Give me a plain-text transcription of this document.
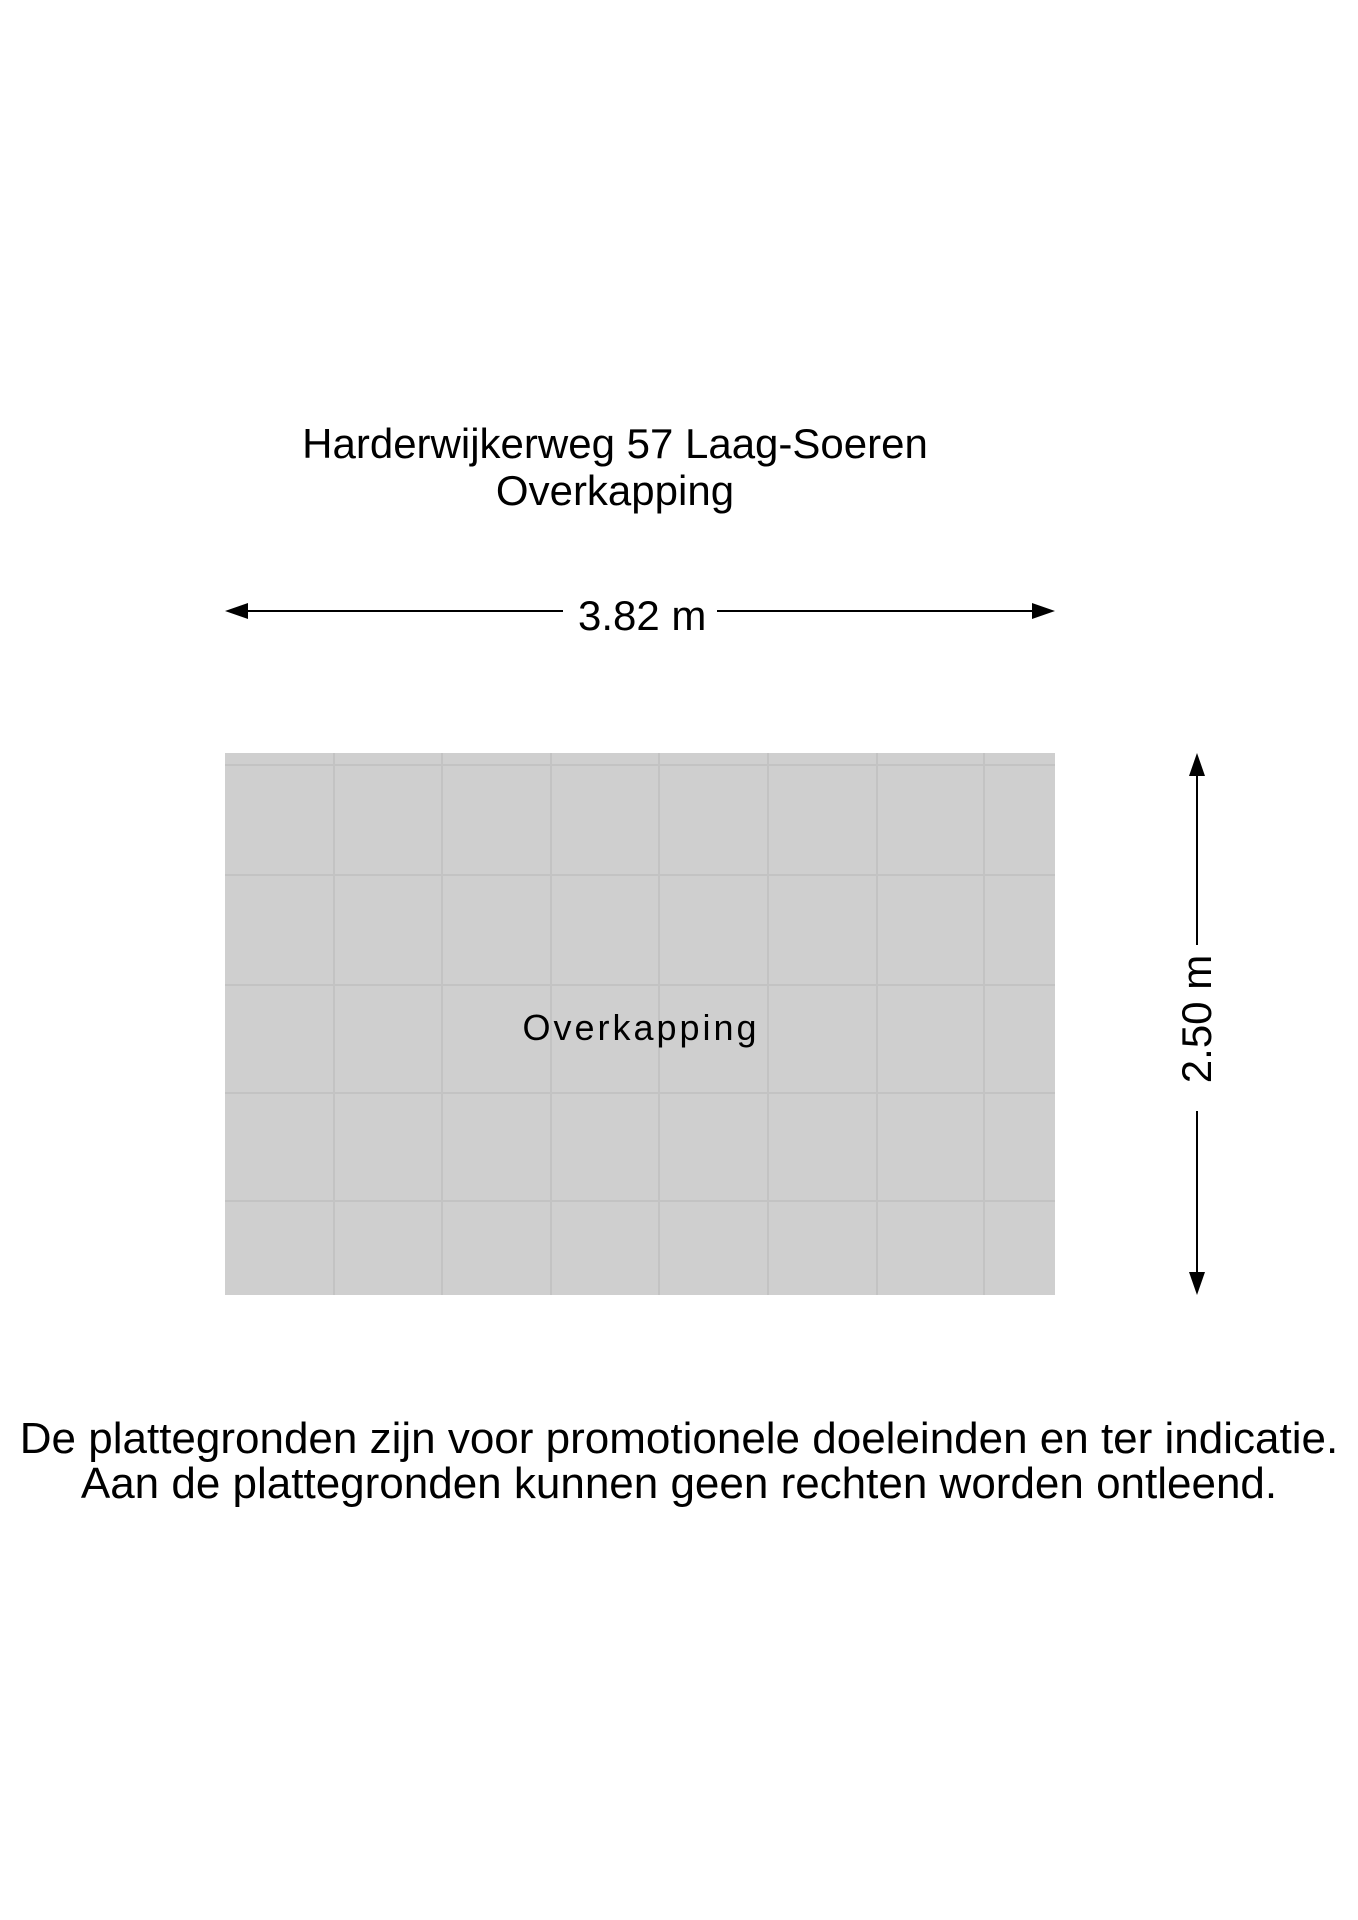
Harderwijkerweg 57 Laag-Soeren
Overkapping
3.82 m
2.50 m
Overkapping
De plattegronden zijn voor promotionele doeleinden en ter indicatie.
Aan de plattegronden kunnen geen rechten worden ontleend.
